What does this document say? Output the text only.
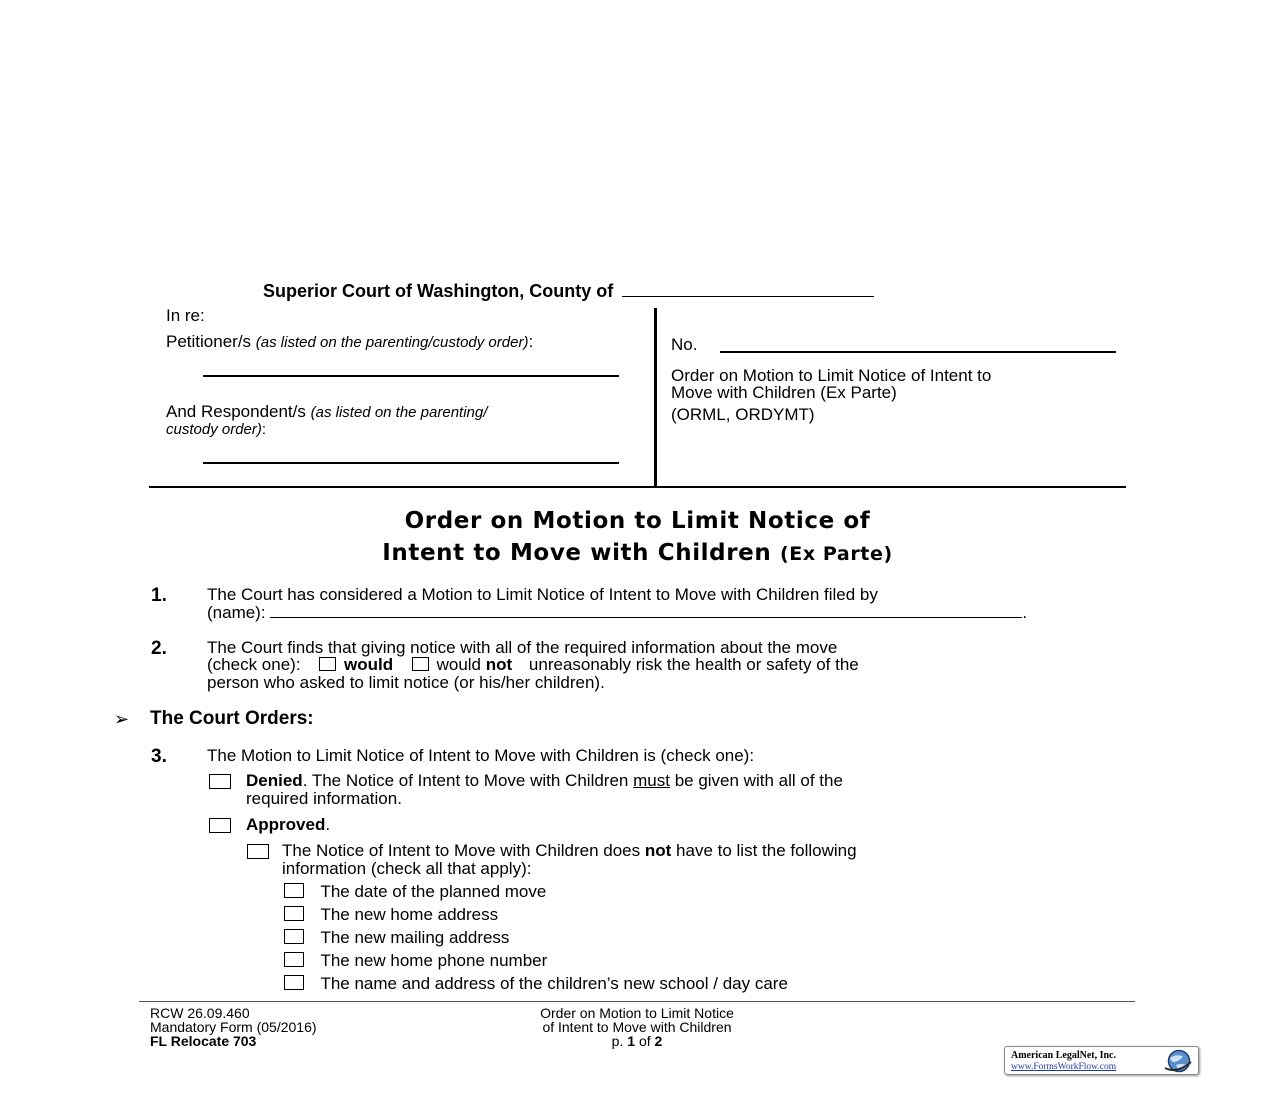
Superior Court of Washington, County of
In re:
Petitioner/s (as listed on the parenting/custody order):
And Respondent/s (as listed on the parenting/
custody order):
No.
Order on Motion to Limit Notice of Intent to
Move with Children (Ex Parte)
(ORML, ORDYMT)
Order on Motion to Limit Notice of
Intent to Move with Children (Ex Parte)
1. The Court has considered a Motion to Limit Notice of Intent to Move with Children filed by
(name):	.
2. The Court finds that giving notice with all of the required information about the move
(check one):	would	would not unreasonably risk the health or safety of the
person who asked to limit notice (or his/her children).
➢ The Court Orders:
3. The Motion to Limit Notice of Intent to Move with Children is (check one):
Denied. The Notice of Intent to Move with Children must be given with all of the
required information.
Approved.
The Notice of Intent to Move with Children does not have to list the following
information (check all that apply):
The date of the planned move
The new home address
The new mailing address
The new home phone number
The name and address of the children’s new school / day care
RCW 26.09.460
Mandatory Form (05/2016)
FL Relocate 703
Order on Motion to Limit Notice
of Intent to Move with Children
p. 1 of 2
American LegalNet, Inc.
www.FormsWorkFlow.com
